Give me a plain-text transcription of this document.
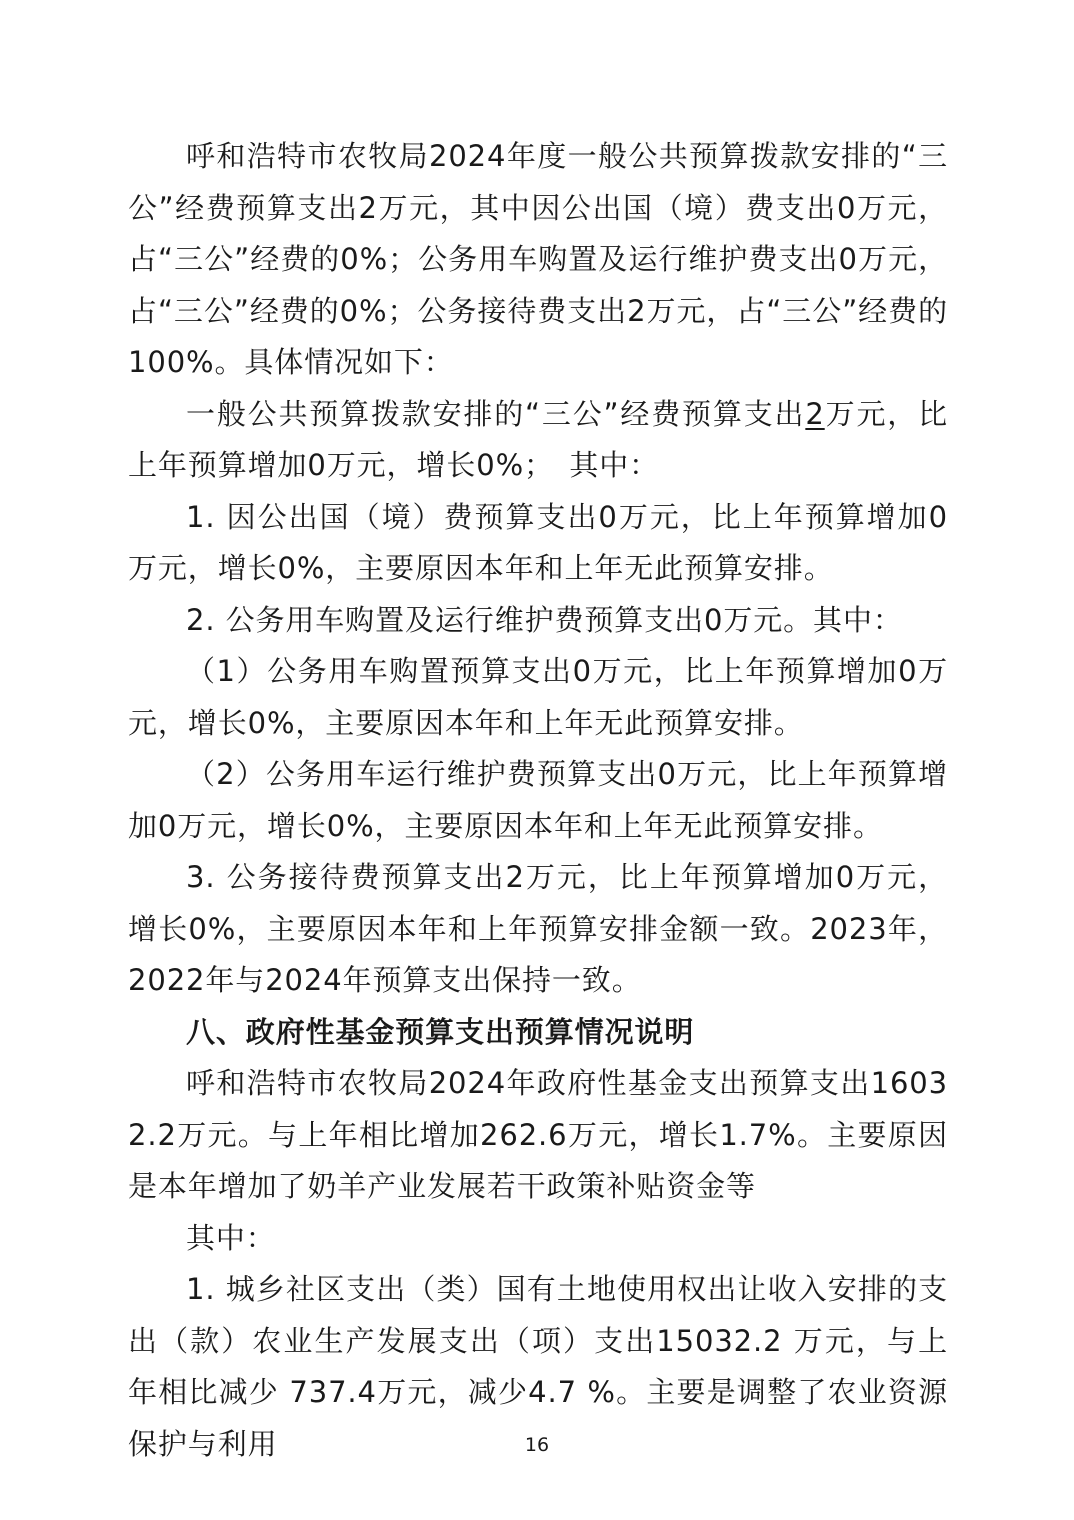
呼和浩特市农牧局2024年度一般公共预算拨款安排的“三公”经费预算支出2万元，其中因公出国（境）费支出0万元，占“三公”经费的0%；公务用车购置及运行维护费支出0万元，占“三公”经费的0%；公务接待费支出2万元，占“三公”经费的100%。具体情况如下：

一般公共预算拨款安排的“三公”经费预算支出2万元，比上年预算增加0万元，增长0%；　其中：

1. 因公出国（境）费预算支出0万元，比上年预算增加0万元，增长0%，主要原因本年和上年无此预算安排。

2. 公务用车购置及运行维护费预算支出0万元。其中：

（1）公务用车购置预算支出0万元，比上年预算增加0万元，增长0%，主要原因本年和上年无此预算安排。

（2）公务用车运行维护费预算支出0万元，比上年预算增加0万元，增长0%，主要原因本年和上年无此预算安排。

3. 公务接待费预算支出2万元，比上年预算增加0万元，增长0%，主要原因本年和上年预算安排金额一致。2023年，2022年与2024年预算支出保持一致。

八、政府性基金预算支出预算情况说明

呼和浩特市农牧局2024年政府性基金支出预算支出16032.2万元。与上年相比增加262.6万元，增长1.7%。主要原因是本年增加了奶羊产业发展若干政策补贴资金等

其中：

1. 城乡社区支出（类）国有土地使用权出让收入安排的支出（款）农业生产发展支出（项）支出15032.2 万元，与上年相比减少 737.4万元，减少4.7 %。主要是调整了农业资源保护与利用	16
